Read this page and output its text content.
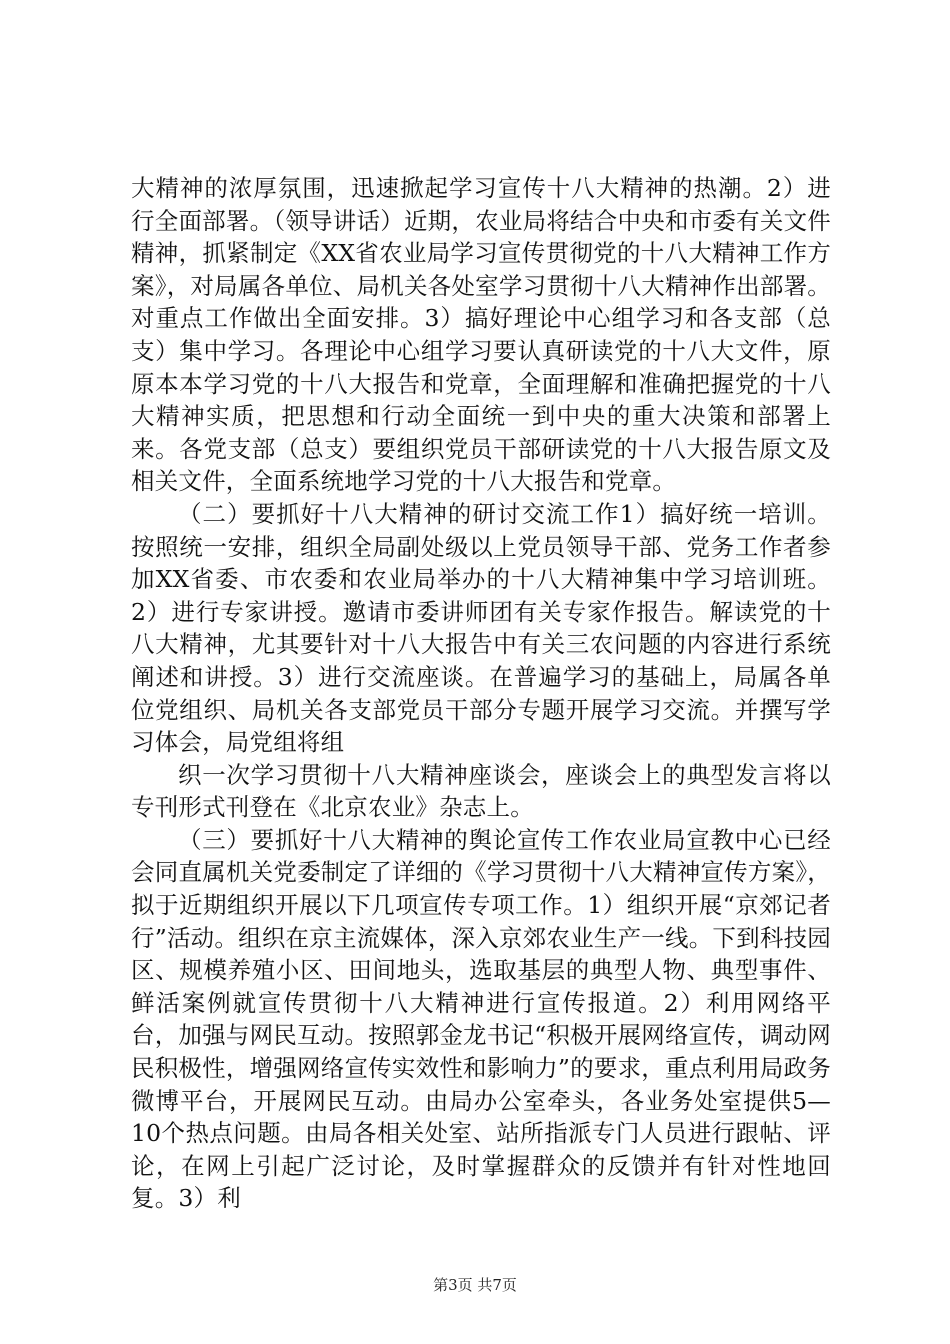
大精神的浓厚氛围，迅速掀起学习宣传十八大精神的热潮。2）进行全面部署。（领导讲话）近期，农业局将结合中央和市委有关文件精神，抓紧制定《XX省农业局学习宣传贯彻党的十八大精神工作方案》，对局属各单位、局机关各处室学习贯彻十八大精神作出部署。对重点工作做出全面安排。3）搞好理论中心组学习和各支部（总支）集中学习。各理论中心组学习要认真研读党的十八大文件，原原本本学习党的十八大报告和党章，全面理解和准确把握党的十八大精神实质，把思想和行动全面统一到中央的重大决策和部署上来。各党支部（总支）要组织党员干部研读党的十八大报告原文及相关文件，全面系统地学习党的十八大报告和党章。

（二）要抓好十八大精神的研讨交流工作1）搞好统一培训。按照统一安排，组织全局副处级以上党员领导干部、党务工作者参加XX省委、市农委和农业局举办的十八大精神集中学习培训班。2）进行专家讲授。邀请市委讲师团有关专家作报告。解读党的十八大精神，尤其要针对十八大报告中有关三农问题的内容进行系统阐述和讲授。3）进行交流座谈。在普遍学习的基础上，局属各单位党组织、局机关各支部党员干部分专题开展学习交流。并撰写学习体会，局党组将组

织一次学习贯彻十八大精神座谈会，座谈会上的典型发言将以专刊形式刊登在《北京农业》杂志上。

（三）要抓好十八大精神的舆论宣传工作农业局宣教中心已经会同直属机关党委制定了详细的《学习贯彻十八大精神宣传方案》，拟于近期组织开展以下几项宣传专项工作。1）组织开展“京郊记者行”活动。组织在京主流媒体，深入京郊农业生产一线。下到科技园区、规模养殖小区、田间地头，选取基层的典型人物、典型事件、鲜活案例就宣传贯彻十八大精神进行宣传报道。2）利用网络平台，加强与网民互动。按照郭金龙书记“积极开展网络宣传，调动网民积极性，增强网络宣传实效性和影响力”的要求，重点利用局政务微博平台，开展网民互动。由局办公室牵头，各业务处室提供5—10个热点问题。由局各相关处室、站所指派专门人员进行跟帖、评论，在网上引起广泛讨论，及时掌握群众的反馈并有针对性地回复。3）利

第3页 共7页
